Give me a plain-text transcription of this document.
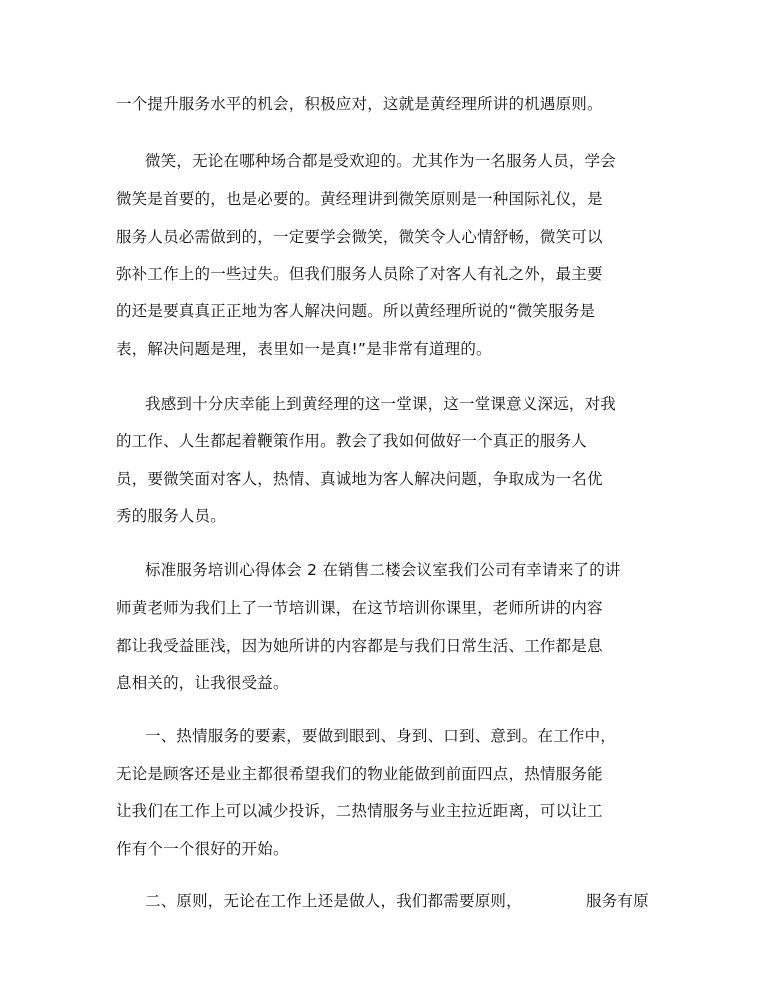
一个提升服务水平的机会，积极应对，这就是黄经理所讲的机遇原则。
微笑，无论在哪种场合都是受欢迎的。尤其作为一名服务人员，学会
微笑是首要的，也是必要的。黄经理讲到微笑原则是一种国际礼仪，是
服务人员必需做到的，一定要学会微笑，微笑令人心情舒畅，微笑可以
弥补工作上的一些过失。但我们服务人员除了对客人有礼之外，最主要
的还是要真真正正地为客人解决问题。所以黄经理所说的“微笑服务是
表，解决问题是理，表里如一是真!”是非常有道理的。
我感到十分庆幸能上到黄经理的这一堂课，这一堂课意义深远，对我
的工作、人生都起着鞭策作用。教会了我如何做好一个真正的服务人
员，要微笑面对客人，热情、真诚地为客人解决问题，争取成为一名优
秀的服务人员。
标准服务培训心得体会 2 在销售二楼会议室我们公司有幸请来了的讲
师黄老师为我们上了一节培训课，在这节培训你课里，老师所讲的内容
都让我受益匪浅，因为她所讲的内容都是与我们日常生活、工作都是息
息相关的，让我很受益。
一、热情服务的要素，要做到眼到、身到、口到、意到。在工作中，
无论是顾客还是业主都很希望我们的物业能做到前面四点，热情服务能
让我们在工作上可以减少投诉，二热情服务与业主拉近距离，可以让工
作有个一个很好的开始。
二、原则，无论在工作上还是做人，我们都需要原则，	服务有原
